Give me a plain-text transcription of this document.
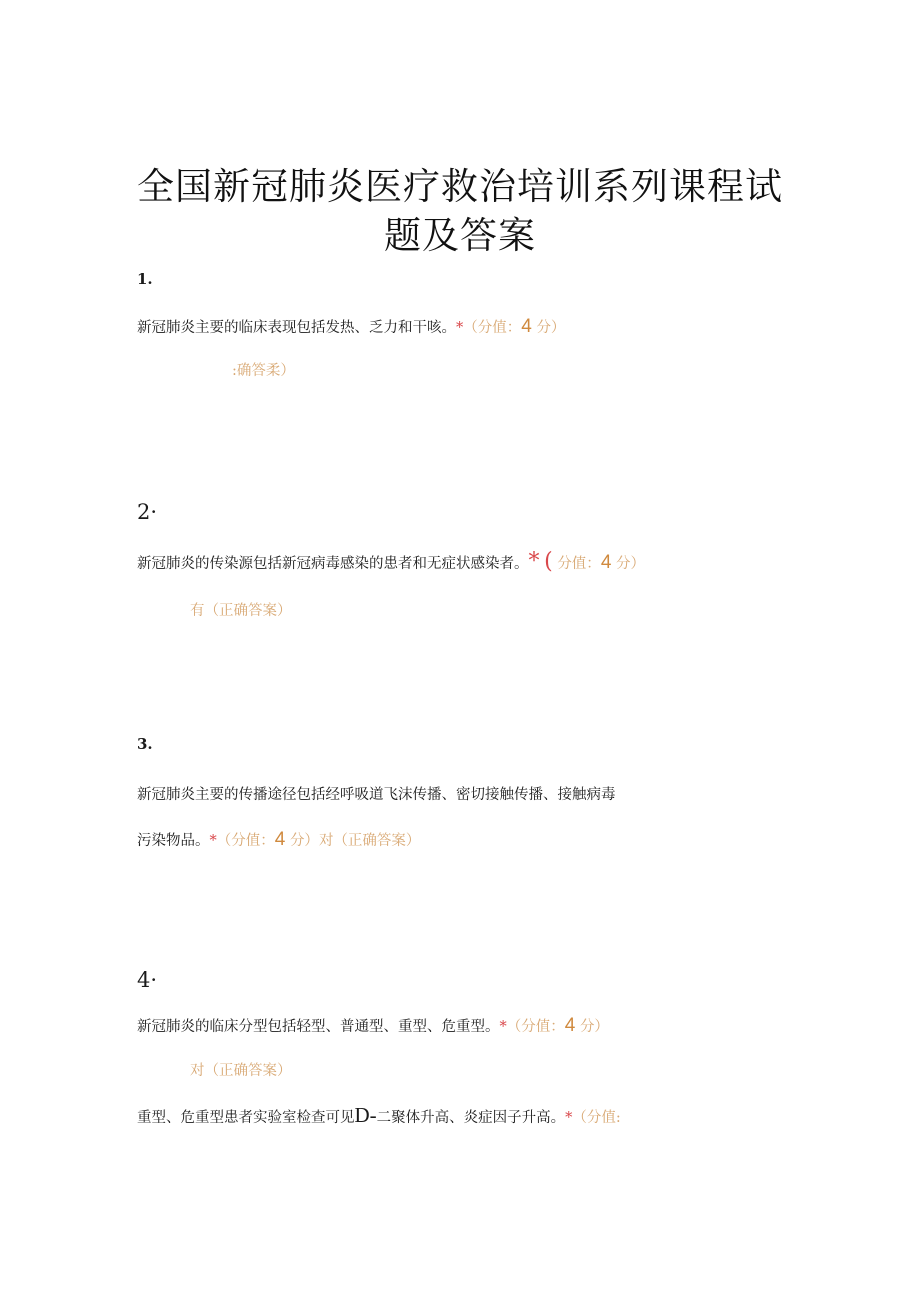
全国新冠肺炎医疗救治培训系列课程试
题及答案
1.
新冠肺炎主要的临床表现包括发热、乏力和干咳。*（分值：4 分）
:确答柔）
2·
新冠肺炎的传染源包括新冠病毒感染的患者和无症状感染者。* ( 分值：4 分）
有（正确答案）
3.
新冠肺炎主要的传播途径包括经呼吸道飞沫传播、密切接触传播、接触病毒
污染物品。*（分值：4 分）对（正确答案）
4·
新冠肺炎的临床分型包括轻型、普通型、重型、危重型。*（分值：4 分）
对（正确答案）
重型、危重型患者实验室检查可见D-二聚体升高、炎症因子升高。*（分值:
